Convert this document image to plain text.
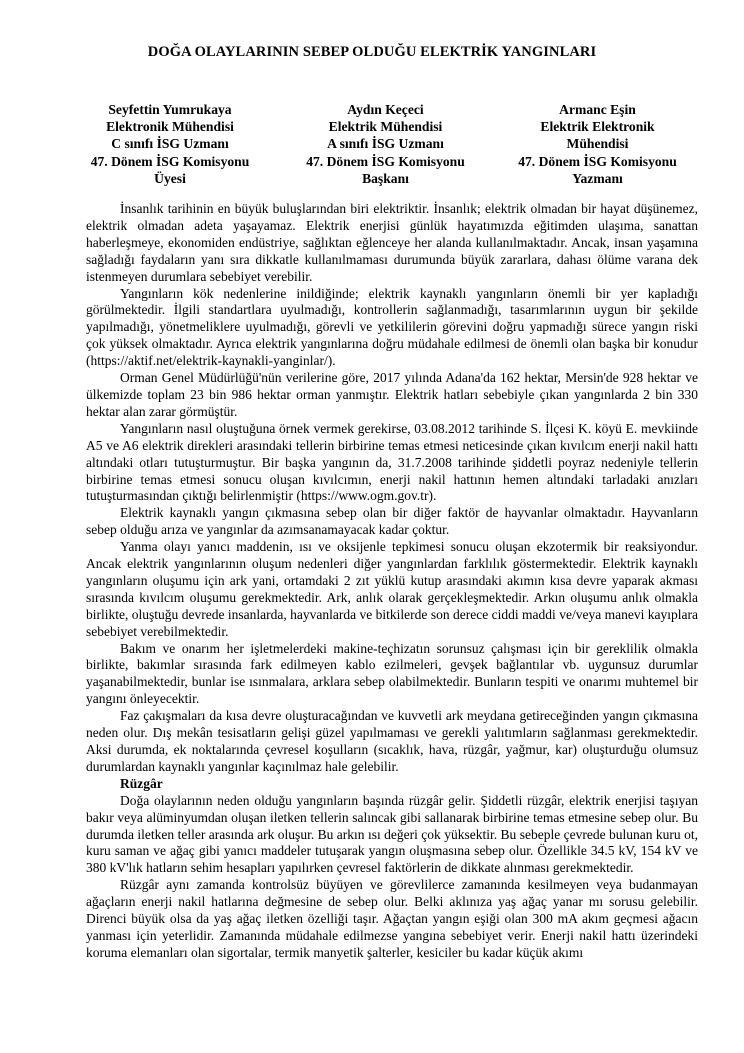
DOĞA OLAYLARININ SEBEP OLDUĞU ELEKTRİK YANGINLARI
Seyfettin Yumrukaya
Elektronik Mühendisi
C sınıfı İSG Uzmanı
47. Dönem İSG Komisyonu
Üyesi
Aydın Keçeci
Elektrik Mühendisi
A sınıfı İSG Uzmanı
47. Dönem İSG Komisyonu
Başkanı
Armanc Eşin
Elektrik Elektronik
Mühendisi
47. Dönem İSG Komisyonu
Yazmanı

İnsanlık tarihinin en büyük buluşlarından biri elektriktir. İnsanlık; elektrik olmadan bir hayat düşünemez, elektrik olmadan adeta yaşayamaz. Elektrik enerjisi günlük hayatımızda eğitimden ulaşıma, sanattan haberleşmeye, ekonomiden endüstriye, sağlıktan eğlenceye her alanda kullanılmaktadır. Ancak, insan yaşamına sağladığı faydaların yanı sıra dikkatle kullanılmaması durumunda büyük zararlara, dahası ölüme varana dek istenmeyen durumlara sebebiyet verebilir.

Yangınların kök nedenlerine inildiğinde; elektrik kaynaklı yangınların önemli bir yer kapladığı görülmektedir. İlgili standartlara uyulmadığı, kontrollerin sağlanmadığı, tasarımlarının uygun bir şekilde yapılmadığı, yönetmeliklere uyulmadığı, görevli ve yetkililerin görevini doğru yapmadığı sürece yangın riski çok yüksek olmaktadır. Ayrıca elektrik yangınlarına doğru müdahale edilmesi de önemli olan başka bir konudur (https://aktif.net/elektrik-kaynakli-yanginlar/).

Orman Genel Müdürlüğü'nün verilerine göre, 2017 yılında Adana'da 162 hektar, Mersin'de 928 hektar ve ülkemizde toplam 23 bin 986 hektar orman yanmıştır. Elektrik hatları sebebiyle çıkan yangınlarda 2 bin 330 hektar alan zarar görmüştür.

Yangınların nasıl oluştuğuna örnek vermek gerekirse, 03.08.2012 tarihinde S. İlçesi K. köyü E. mevkiinde A5 ve A6 elektrik direkleri arasındaki tellerin birbirine temas etmesi neticesinde çıkan kıvılcım enerji nakil hattı altındaki otları tutuşturmuştur. Bir başka yangının da, 31.7.2008 tarihinde şiddetli poyraz nedeniyle tellerin birbirine temas etmesi sonucu oluşan kıvılcımın, enerji nakil hattının hemen altındaki tarladaki anızları tutuşturmasından çıktığı belirlenmiştir (https://www.ogm.gov.tr).

Elektrik kaynaklı yangın çıkmasına sebep olan bir diğer faktör de hayvanlar olmaktadır. Hayvanların sebep olduğu arıza ve yangınlar da azımsanamayacak kadar çoktur.

Yanma olayı yanıcı maddenin, ısı ve oksijenle tepkimesi sonucu oluşan ekzotermik bir reaksiyondur. Ancak elektrik yangınlarının oluşum nedenleri diğer yangınlardan farklılık göstermektedir. Elektrik kaynaklı yangınların oluşumu için ark yani, ortamdaki 2 zıt yüklü kutup arasındaki akımın kısa devre yaparak akması sırasında kıvılcım oluşumu gerekmektedir. Ark, anlık olarak gerçekleşmektedir. Arkın oluşumu anlık olmakla birlikte, oluştuğu devrede insanlarda, hayvanlarda ve bitkilerde son derece ciddi maddi ve/veya manevi kayıplara sebebiyet verebilmektedir.

Bakım ve onarım her işletmelerdeki makine-teçhizatın sorunsuz çalışması için bir gereklilik olmakla birlikte, bakımlar sırasında fark edilmeyen kablo ezilmeleri, gevşek bağlantılar vb. uygunsuz durumlar yaşanabilmektedir, bunlar ise ısınmalara, arklara sebep olabilmektedir. Bunların tespiti ve onarımı muhtemel bir yangını önleyecektir.

Faz çakışmaları da kısa devre oluşturacağından ve kuvvetli ark meydana getireceğinden yangın çıkmasına neden olur. Dış mekân tesisatların gelişi güzel yapılmaması ve gerekli yalıtımların sağlanması gerekmektedir. Aksi durumda, ek noktalarında çevresel koşulların (sıcaklık, hava, rüzgâr, yağmur, kar) oluşturduğu olumsuz durumlardan kaynaklı yangınlar kaçınılmaz hale gelebilir.

Rüzgâr

Doğa olaylarının neden olduğu yangınların başında rüzgâr gelir. Şiddetli rüzgâr, elektrik enerjisi taşıyan bakır veya alüminyumdan oluşan iletken tellerin salıncak gibi sallanarak birbirine temas etmesine sebep olur. Bu durumda iletken teller arasında ark oluşur. Bu arkın ısı değeri çok yüksektir. Bu sebeple çevrede bulunan kuru ot, kuru saman ve ağaç gibi yanıcı maddeler tutuşarak yangın oluşmasına sebep olur. Özellikle 34.5 kV, 154 kV ve 380 kV'lık hatların sehim hesapları yapılırken çevresel faktörlerin de dikkate alınması gerekmektedir.

Rüzgâr aynı zamanda kontrolsüz büyüyen ve görevlilerce zamanında kesilmeyen veya budanmayan ağaçların enerji nakil hatlarına değmesine de sebep olur. Belki aklınıza yaş ağaç yanar mı sorusu gelebilir. Direnci büyük olsa da yaş ağaç iletken özelliği taşır. Ağaçtan yangın eşiği olan 300 mA akım geçmesi ağacın yanması için yeterlidir. Zamanında müdahale edilmezse yangına sebebiyet verir. Enerji nakil hattı üzerindeki koruma elemanları olan sigortalar, termik manyetik şalterler, kesiciler bu kadar küçük akımı
